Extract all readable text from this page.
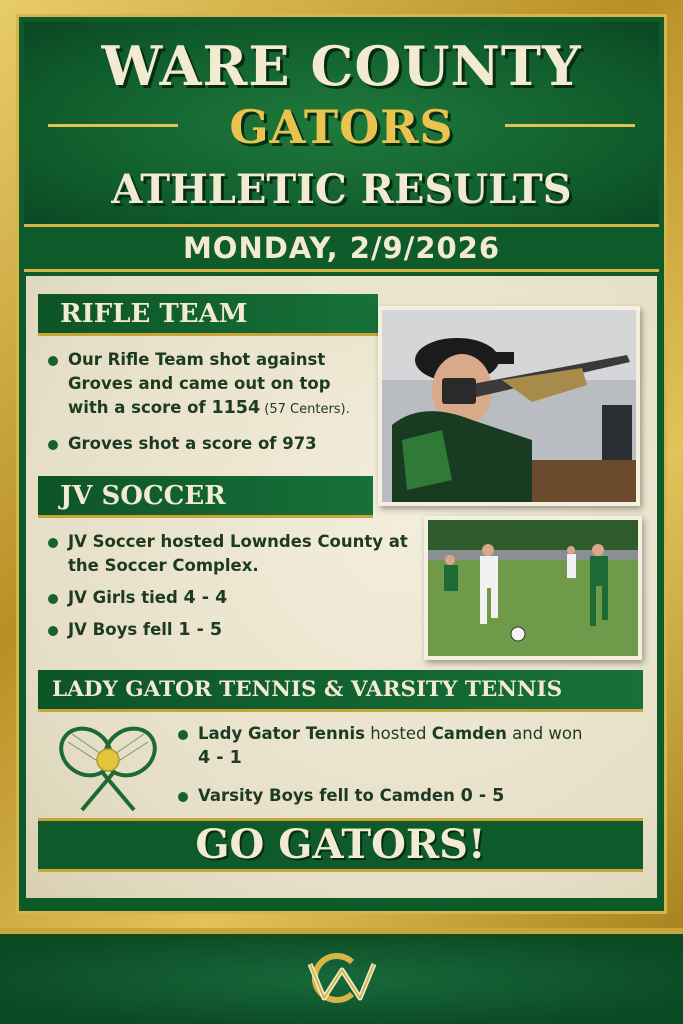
WARE COUNTY
GATORS
ATHLETIC RESULTS
MONDAY, 2/9/2026
RIFLE TEAM
Our Rifle Team shot against Groves and came out on top with a score of 1154 (57 Centers).
Groves shot a score of 973
JV SOCCER
JV Soccer hosted Lowndes County at the Soccer Complex.
JV Girls tied 4 - 4
JV Boys fell 1 - 5
LADY GATOR TENNIS & VARSITY TENNIS
Lady Gator Tennis hosted Camden and won
4 - 1
Varsity Boys fell to Camden 0 - 5
GO GATORS!
